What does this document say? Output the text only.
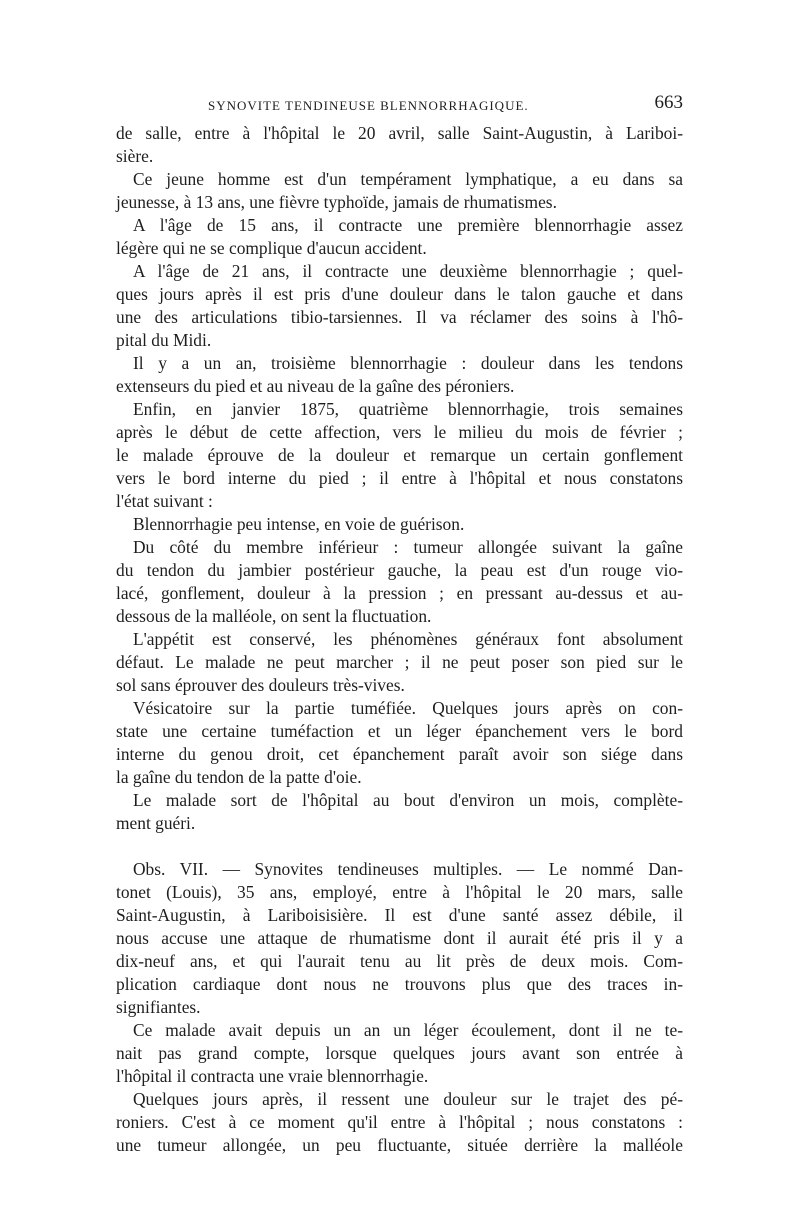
SYNOVITE TENDINEUSE BLENNORRHAGIQUE.	663
de salle, entre à l'hôpital le 20 avril, salle Saint-Augustin, à Lariboi-
sière.
Ce jeune homme est d'un tempérament lymphatique, a eu dans sa
jeunesse, à 13 ans, une fièvre typhoïde, jamais de rhumatismes.
A l'âge de 15 ans, il contracte une première blennorrhagie assez
légère qui ne se complique d'aucun accident.
A l'âge de 21 ans, il contracte une deuxième blennorrhagie ; quel-
ques jours après il est pris d'une douleur dans le talon gauche et dans
une des articulations tibio-tarsiennes. Il va réclamer des soins à l'hô-
pital du Midi.
Il y a un an, troisième blennorrhagie : douleur dans les tendons
extenseurs du pied et au niveau de la gaîne des péroniers.
Enfin, en janvier 1875, quatrième blennorrhagie, trois semaines
après le début de cette affection, vers le milieu du mois de février ;
le malade éprouve de la douleur et remarque un certain gonflement
vers le bord interne du pied ; il entre à l'hôpital et nous constatons
l'état suivant :
Blennorrhagie peu intense, en voie de guérison.
Du côté du membre inférieur : tumeur allongée suivant la gaîne
du tendon du jambier postérieur gauche, la peau est d'un rouge vio-
lacé, gonflement, douleur à la pression ; en pressant au-dessus et au-
dessous de la malléole, on sent la fluctuation.
L'appétit est conservé, les phénomènes généraux font absolument
défaut. Le malade ne peut marcher ; il ne peut poser son pied sur le
sol sans éprouver des douleurs très-vives.
Vésicatoire sur la partie tuméfiée. Quelques jours après on con-
state une certaine tuméfaction et un léger épanchement vers le bord
interne du genou droit, cet épanchement paraît avoir son siége dans
la gaîne du tendon de la patte d'oie.
Le malade sort de l'hôpital au bout d'environ un mois, complète-
ment guéri.
Obs. VII. — Synovites tendineuses multiples. — Le nommé Dan-
tonet (Louis), 35 ans, employé, entre à l'hôpital le 20 mars, salle
Saint-Augustin, à Lariboisisière. Il est d'une santé assez débile, il
nous accuse une attaque de rhumatisme dont il aurait été pris il y a
dix-neuf ans, et qui l'aurait tenu au lit près de deux mois. Com-
plication cardiaque dont nous ne trouvons plus que des traces in-
signifiantes.
Ce malade avait depuis un an un léger écoulement, dont il ne te-
nait pas grand compte, lorsque quelques jours avant son entrée à
l'hôpital il contracta une vraie blennorrhagie.
Quelques jours après, il ressent une douleur sur le trajet des pé-
roniers. C'est à ce moment qu'il entre à l'hôpital ; nous constatons :
une tumeur allongée, un peu fluctuante, située derrière la malléole
